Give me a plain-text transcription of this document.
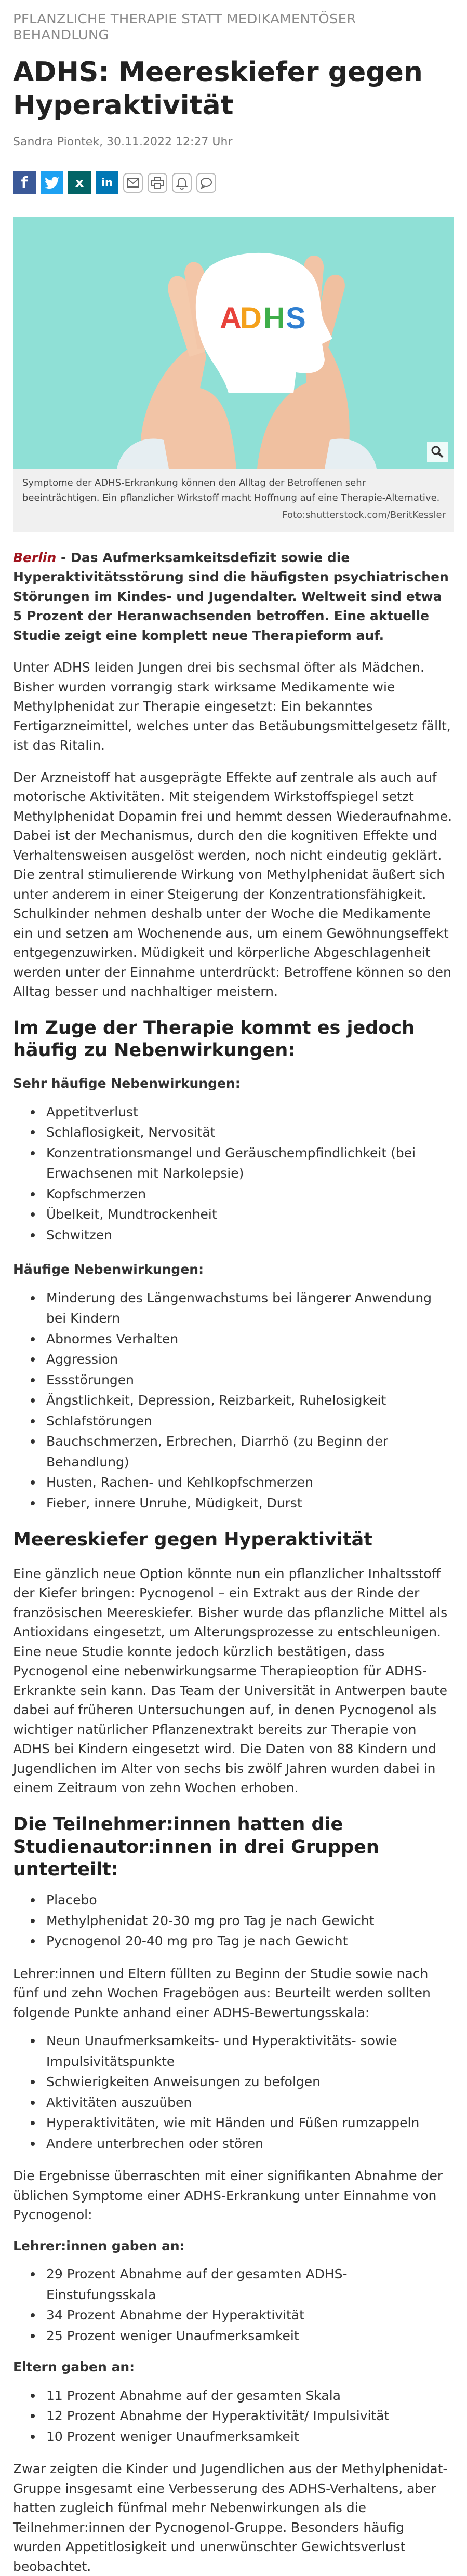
PFLANZLICHE THERAPIE STATT MEDIKAMENTÖSER BEHANDLUNG
ADHS: Meereskiefer gegen Hyperaktivität
Sandra Piontek, 30.11.2022 12:27 Uhr
f	x in
A
D H S
Symptome der ADHS-Erkrankung können den Alltag der Betroffenen sehr beeinträchtigen. Ein pflanzlicher Wirkstoff macht Hoffnung auf eine Therapie-Alternative.
Foto:shutterstock.com/BeritKessler

Berlin - Das Aufmerksamkeitsdefizit sowie die Hyperaktivitätsstörung sind die häufigsten psychiatrischen Störungen im Kindes- und Jugendalter. Weltweit sind etwa 5 Prozent der Heranwachsenden betroffen. Eine aktuelle Studie zeigt eine komplett neue Therapieform auf.

Unter ADHS leiden Jungen drei bis sechsmal öfter als Mädchen. Bisher wurden vorrangig stark wirksame Medikamente wie Methylphenidat zur Therapie eingesetzt: Ein bekanntes Fertigarzneimittel, welches unter das Betäubungsmittelgesetz fällt, ist das Ritalin.

Der Arzneistoff hat ausgeprägte Effekte auf zentrale als auch auf motorische Aktivitäten. Mit steigendem Wirkstoffspiegel setzt Methylphenidat Dopamin frei und hemmt dessen Wiederaufnahme. Dabei ist der Mechanismus, durch den die kognitiven Effekte und Verhaltensweisen ausgelöst werden, noch nicht eindeutig geklärt. Die zentral stimulierende Wirkung von Methylphenidat äußert sich unter anderem in einer Steigerung der Konzentrationsfähigkeit. Schulkinder nehmen deshalb unter der Woche die Medikamente ein und setzen am Wochenende aus, um einem Gewöhnungseffekt entgegenzuwirken. Müdigkeit und körperliche Abgeschlagenheit werden unter der Einnahme unterdrückt: Betroffene können so den Alltag besser und nachhaltiger meistern.

Im Zuge der Therapie kommt es jedoch häufig zu Nebenwirkungen:
Sehr häufige Nebenwirkungen:
Appetitverlust
Schlaflosigkeit, Nervosität
Konzentrationsmangel und Geräuschempfindlichkeit (bei Erwachsenen mit Narkolepsie)
Kopfschmerzen
Übelkeit, Mundtrockenheit
Schwitzen
Häufige Nebenwirkungen:
Minderung des Längenwachstums bei längerer Anwendung bei Kindern
Abnormes Verhalten
Aggression
Essstörungen
Ängstlichkeit, Depression, Reizbarkeit, Ruhelosigkeit
Schlafstörungen
Bauchschmerzen, Erbrechen, Diarrhö (zu Beginn der Behandlung)
Husten, Rachen- und Kehlkopfschmerzen
Fieber, innere Unruhe, Müdigkeit, Durst
Meereskiefer gegen Hyperaktivität

Eine gänzlich neue Option könnte nun ein pflanzlicher Inhaltsstoff der Kiefer bringen: Pycnogenol – ein Extrakt aus der Rinde der französischen Meereskiefer. Bisher wurde das pflanzliche Mittel als Antioxidans eingesetzt, um Alterungsprozesse zu entschleunigen. Eine neue Studie konnte jedoch kürzlich bestätigen, dass Pycnogenol eine nebenwirkungsarme Therapieoption für ADHS-Erkrankte sein kann. Das Team der Universität in Antwerpen baute dabei auf früheren Untersuchungen auf, in denen Pycnogenol als wichtiger natürlicher Pflanzenextrakt bereits zur Therapie von ADHS bei Kindern eingesetzt wird. Die Daten von 88 Kindern und Jugendlichen im Alter von sechs bis zwölf Jahren wurden dabei in einem Zeitraum von zehn Wochen erhoben.

Die Teilnehmer:innen hatten die Studienautor:innen in drei Gruppen unterteilt:
Placebo
Methylphenidat 20-30 mg pro Tag je nach Gewicht
Pycnogenol 20-40 mg pro Tag je nach Gewicht

Lehrer:innen und Eltern füllten zu Beginn der Studie sowie nach fünf und zehn Wochen Fragebögen aus: Beurteilt werden sollten folgende Punkte anhand einer ADHS-Bewertungsskala:

Neun Unaufmerksamkeits- und Hyperaktivitäts- sowie Impulsivitätspunkte
Schwierigkeiten Anweisungen zu befolgen
Aktivitäten auszuüben
Hyperaktivitäten, wie mit Händen und Füßen rumzappeln
Andere unterbrechen oder stören

Die Ergebnisse überraschten mit einer signifikanten Abnahme der üblichen Symptome einer ADHS-Erkrankung unter Einnahme von Pycnogenol:

Lehrer:innen gaben an:
29 Prozent Abnahme auf der gesamten ADHS-Einstufungsskala
34 Prozent Abnahme der Hyperaktivität
25 Prozent weniger Unaufmerksamkeit
Eltern gaben an:
11 Prozent Abnahme auf der gesamten Skala
12 Prozent Abnahme der Hyperaktivität/ Impulsivität
10 Prozent weniger Unaufmerksamkeit

Zwar zeigten die Kinder und Jugendlichen aus der Methylphenidat-Gruppe insgesamt eine Verbesserung des ADHS-Verhaltens, aber hatten zugleich fünfmal mehr Nebenwirkungen als die Teilnehmer:innen der Pycnogenol-Gruppe. Besonders häufig wurden Appetitlosigkeit und unerwünschter Gewichtsverlust beobachtet.
